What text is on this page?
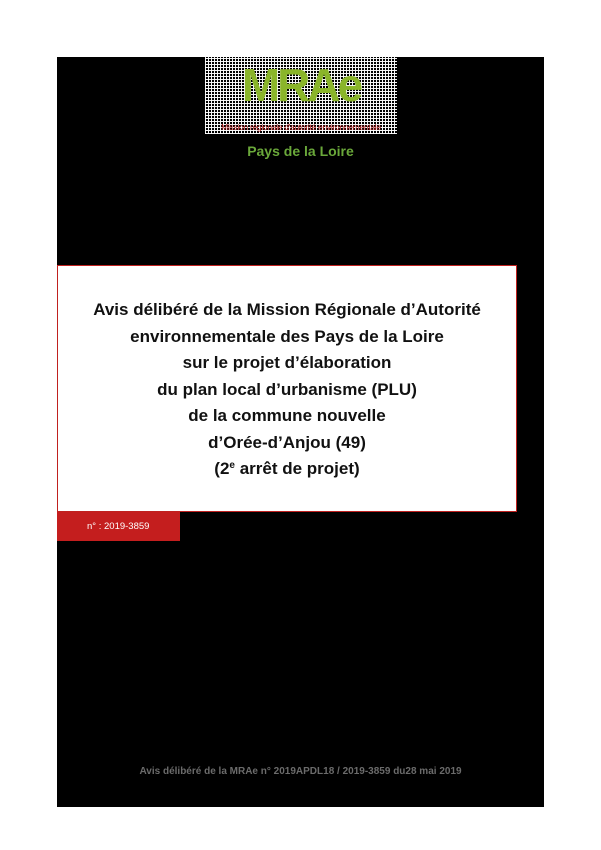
MRAe
Mission régionale d'autorité environnementale
Pays de la Loire
Avis délibéré de la Mission Régionale d’Autorité
environnementale des Pays de la Loire
sur le projet d’élaboration
du plan local d’urbanisme (PLU)
de la commune nouvelle
d’Orée-d’Anjou (49)
(2e arrêt de projet)
n° : 2019-3859
Avis délibéré de la MRAe n° 2019APDL18 / 2019-3859 du28 mai 2019
